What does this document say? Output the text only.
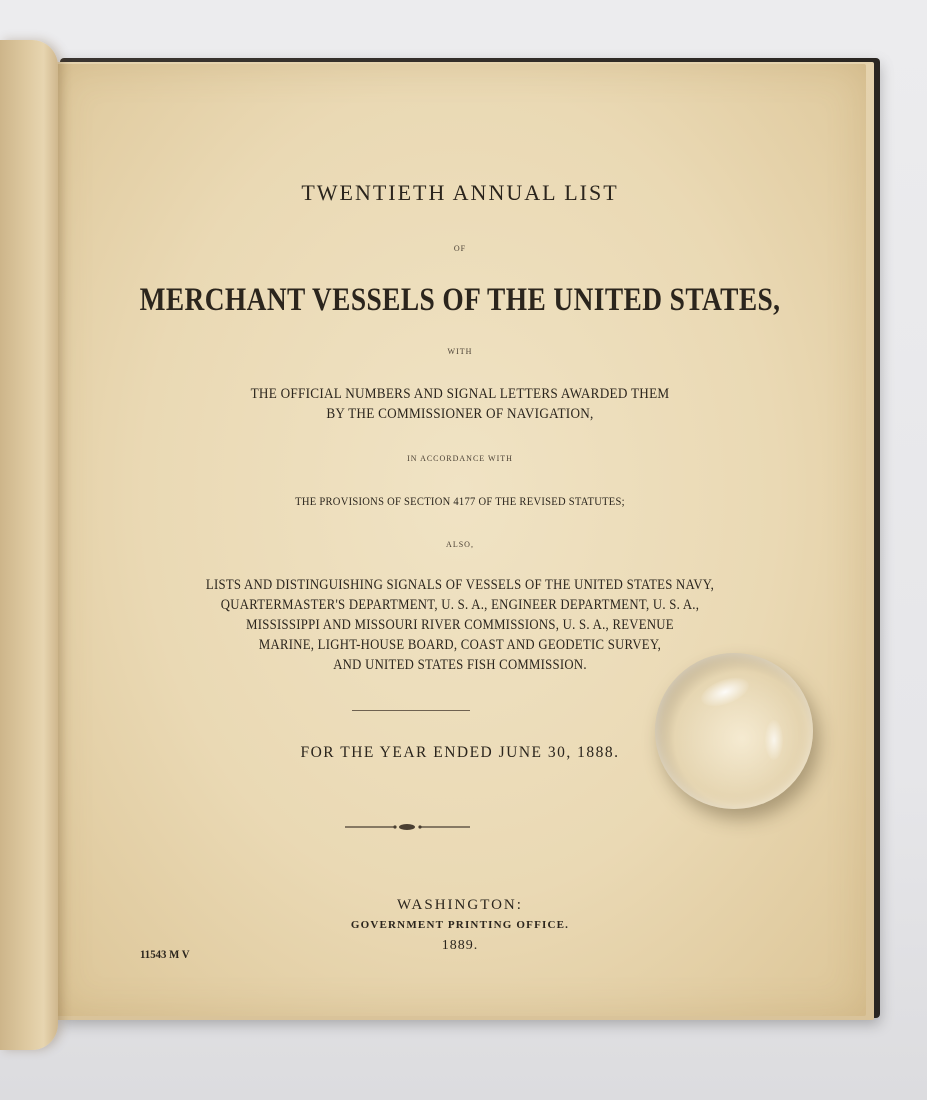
TWENTIETH ANNUAL LIST
OF
MERCHANT VESSELS OF THE UNITED STATES,
WITH
THE OFFICIAL NUMBERS AND SIGNAL LETTERS AWARDED THEM
BY THE COMMISSIONER OF NAVIGATION,
IN ACCORDANCE WITH
THE PROVISIONS OF SECTION 4177 OF THE REVISED STATUTES;
ALSO,
LISTS AND DISTINGUISHING SIGNALS OF VESSELS OF THE UNITED STATES NAVY,
QUARTERMASTER'S DEPARTMENT, U. S. A., ENGINEER DEPARTMENT, U. S. A.,
MISSISSIPPI AND MISSOURI RIVER COMMISSIONS, U. S. A., REVENUE
MARINE, LIGHT-HOUSE BOARD, COAST AND GEODETIC SURVEY,
AND UNITED STATES FISH COMMISSION.
FOR THE YEAR ENDED JUNE 30, 1888.
WASHINGTON:
GOVERNMENT PRINTING OFFICE.
1889.
11543 M V
